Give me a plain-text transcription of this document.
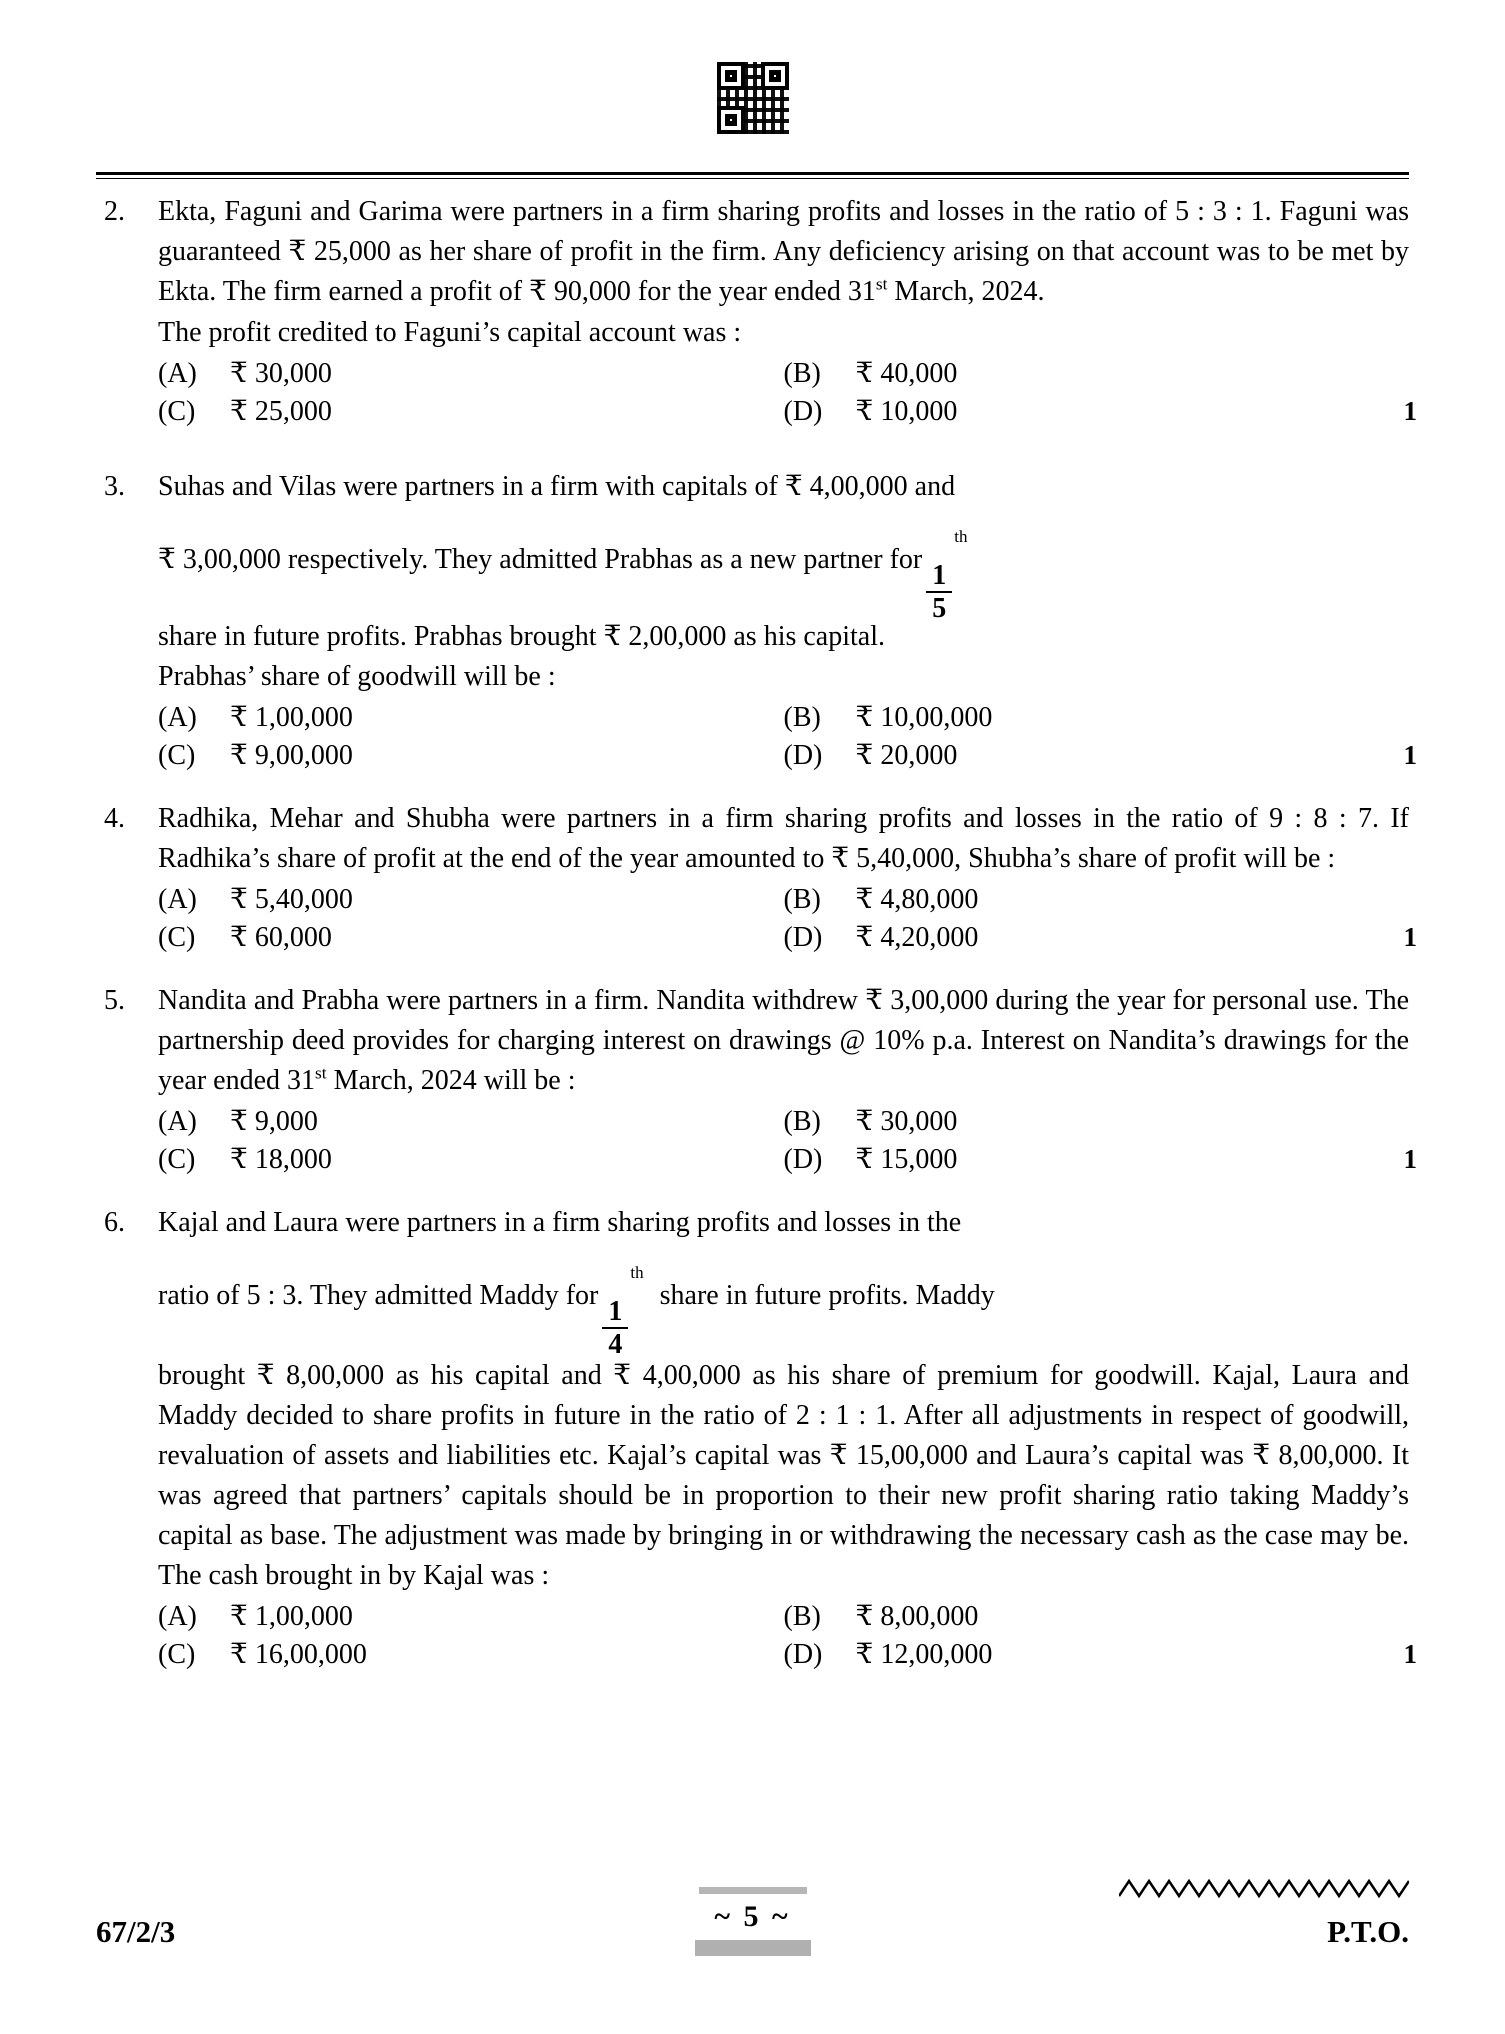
2.	Ekta, Faguni and Garima were partners in a firm sharing profits and losses in the ratio of 5 : 3 : 1. Faguni was guaranteed ₹ 25,000 as her share of profit in the firm. Any deficiency arising on that account was to be met by Ekta. The firm earned a profit of ₹ 90,000 for the year ended 31st March, 2024.

The profit credited to Faguni’s capital account was :

(A)	₹ 30,000	(B)	₹ 40,000
(C)	₹ 25,000	(D)	₹ 10,000	1
3.	Suhas and Vilas were partners in a firm with capitals of ₹ 4,00,000 and

₹ 3,00,000 respectively. They admitted Prabhas as a new partner for
$\frac{1}{5}$
$^{th}$

share in future profits. Prabhas brought ₹ 2,00,000 as his capital.

Prabhas’ share of goodwill will be :

(A)	₹ 1,00,000	(B)	₹ 10,00,000
(C)	₹ 9,00,000	(D)	₹ 20,000	1
4.	Radhika, Mehar and Shubha were partners in a firm sharing profits and losses in the ratio of 9 : 8 : 7. If Radhika’s share of profit at the end of the year amounted to ₹ 5,40,000, Shubha’s share of profit will be :

(A)	₹ 5,40,000	(B)	₹ 4,80,000
(C)	₹ 60,000	(D)	₹ 4,20,000	1
5.	Nandita and Prabha were partners in a firm. Nandita withdrew ₹ 3,00,000 during the year for personal use. The partnership deed provides for charging interest on drawings @ 10% p.a. Interest on Nandita’s drawings for the year ended 31st March, 2024 will be :

(A)	₹ 9,000	(B)	₹ 30,000
(C)	₹ 18,000	(D)	₹ 15,000	1
6.	Kajal and Laura were partners in a firm sharing profits and losses in the

ratio of 5 : 3. They admitted Maddy for
$\frac{1}{4}$
$^{th}$share in future profits. Maddy

brought ₹ 8,00,000 as his capital and ₹ 4,00,000 as his share of premium for goodwill. Kajal, Laura and Maddy decided to share profits in future in the ratio of 2 : 1 : 1. After all adjustments in respect of goodwill, revaluation of assets and liabilities etc. Kajal’s capital was ₹ 15,00,000 and Laura’s capital was ₹ 8,00,000. It was agreed that partners’ capitals should be in proportion to their new profit sharing ratio taking Maddy’s capital as base. The adjustment was made by bringing in or withdrawing the necessary cash as the case may be. The cash brought in by Kajal was :

(A)	₹ 1,00,000	(B)	₹ 8,00,000
(C)	₹ 16,00,000	(D)	₹ 12,00,000	1
67/2/3	~ 5 ~	P.T.O.
